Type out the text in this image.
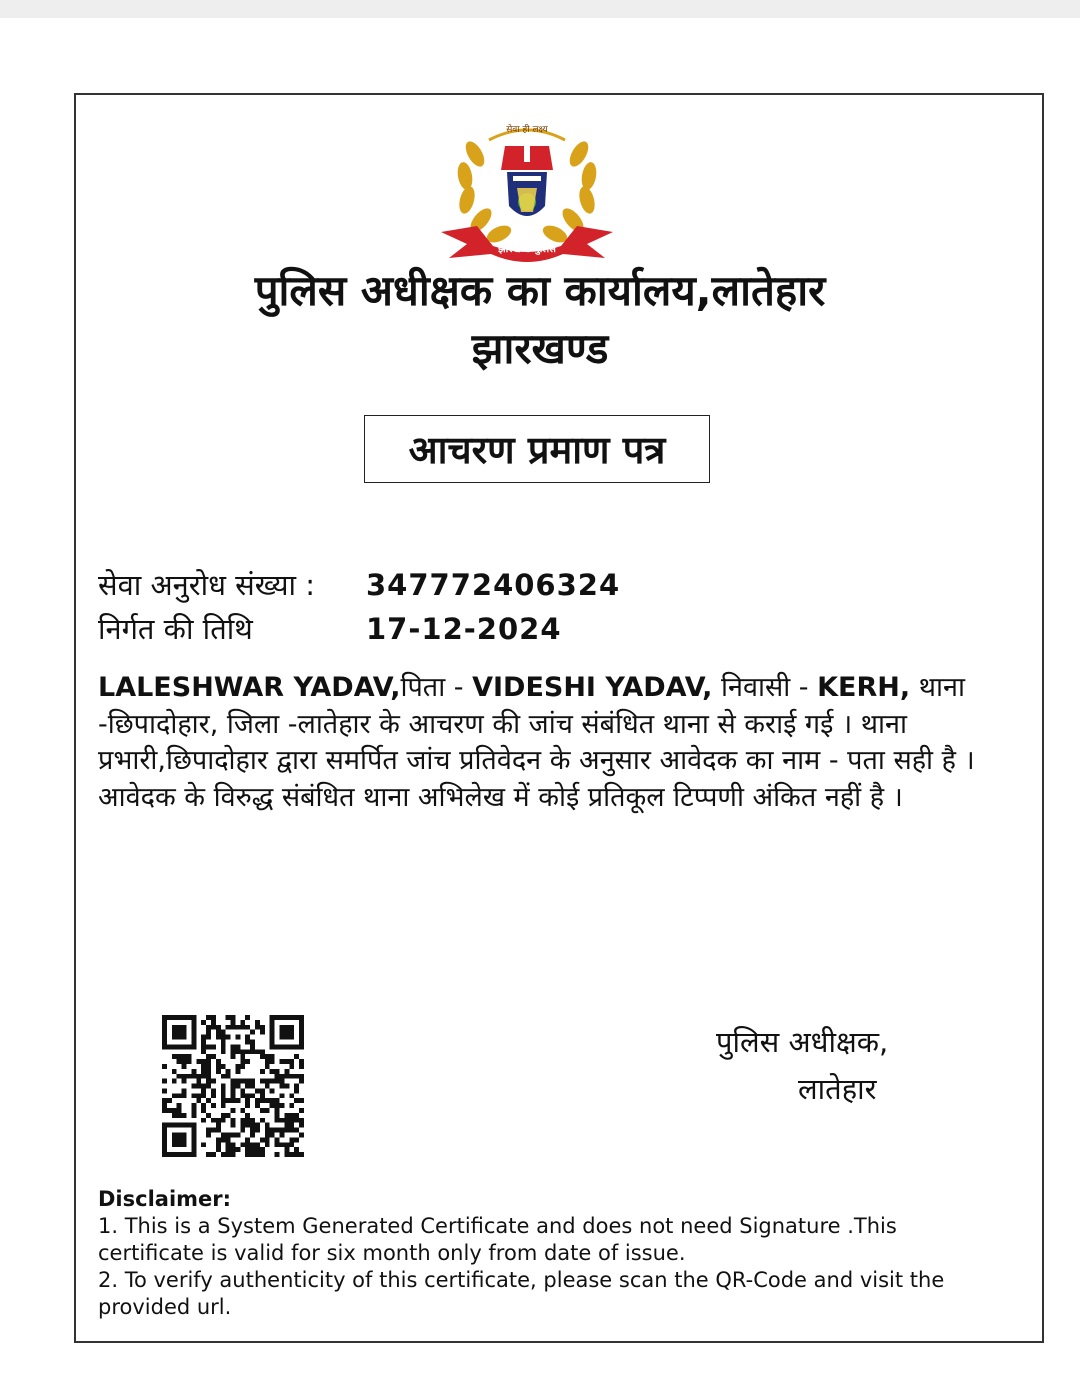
सेवा ही लक्ष्य
झारखण्ड पुलिस
पुलिस अधीक्षक का कार्यालय,लातेहार
झारखण्ड
आचरण प्रमाण पत्र
सेवा अनुरोध संख्या : 347772406324
निर्गत की तिथि	17-12-2024

LALESHWAR YADAV,पिता - VIDESHI YADAV, निवासी - KERH, थाना -छिपादोहार, जिला -लातेहार के आचरण की जांच संबंधित थाना से कराई गई । थाना प्रभारी,छिपादोहार द्वारा समर्पित जांच प्रतिवेदन के अनुसार आवेदक का नाम - पता सही है । आवेदक के विरुद्ध संबंधित थाना अभिलेख में कोई प्रतिकूल टिप्पणी अंकित नहीं है ।

पुलिस अधीक्षक,
लातेहार

Disclaimer:

1. This is a System Generated Certificate and does not need Signature .This certificate is valid for six month only from date of issue.

2. To verify authenticity of this certificate, please scan the QR-Code and visit the provided url.
